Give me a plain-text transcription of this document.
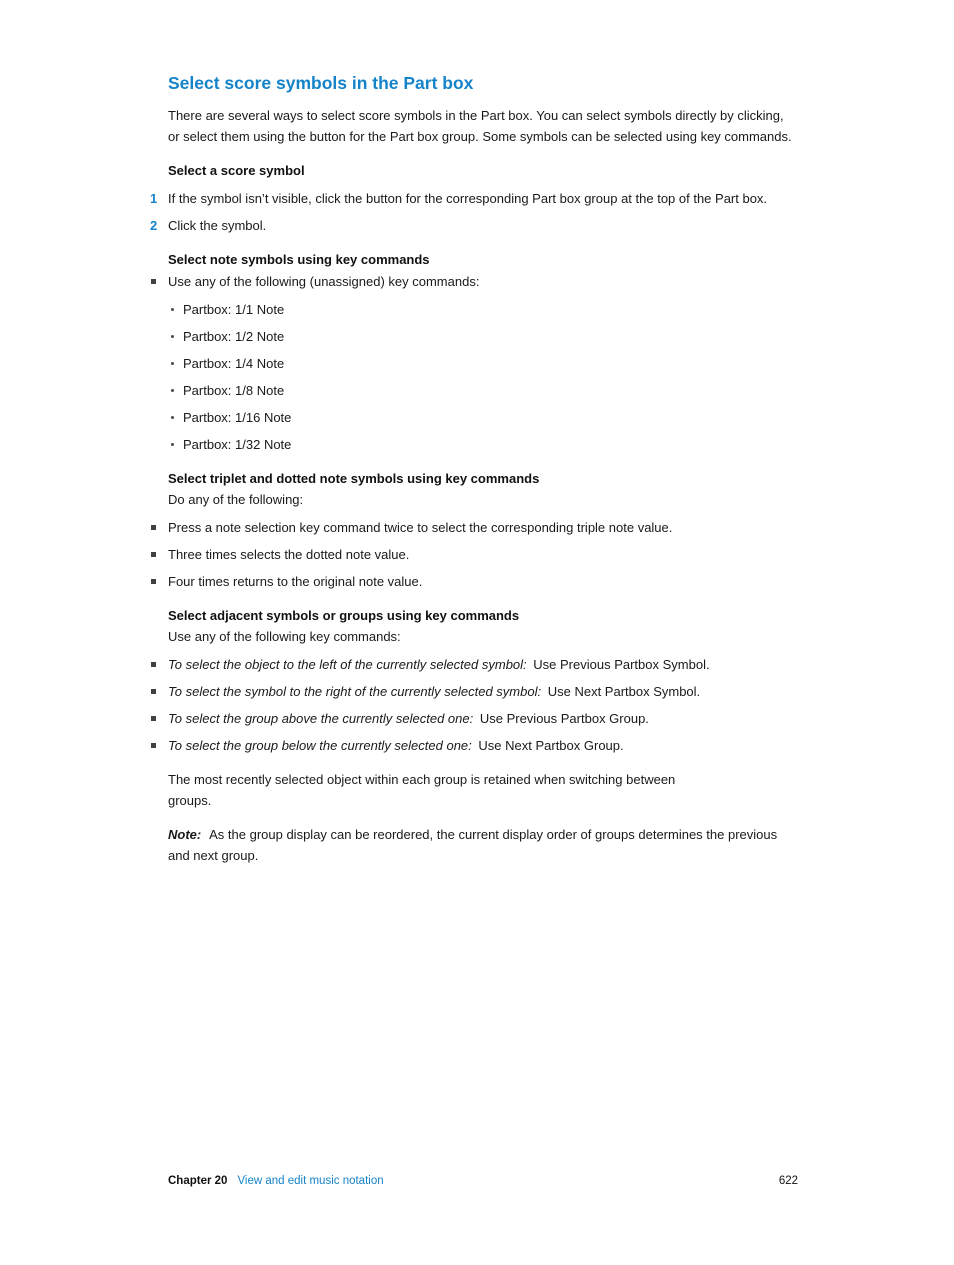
Select score symbols in the Part box

There are several ways to select score symbols in the Part box. You can select symbols directly by clicking, or select them using the button for the Part box group. Some symbols can be selected using key commands.

Select a score symbol
1 If the symbol isn’t visible, click the button for the corresponding Part box group at the top of the Part box.
2 Click the symbol.
Select note symbols using key commands
Use any of the following (unassigned) key commands:
Partbox: 1/1 Note
Partbox: 1/2 Note
Partbox: 1/4 Note
Partbox: 1/8 Note
Partbox: 1/16 Note
Partbox: 1/32 Note
Select triplet and dotted note symbols using key commands

Do any of the following:

Press a note selection key command twice to select the corresponding triple note value.
Three times selects the dotted note value.
Four times returns to the original note value.
Select adjacent symbols or groups using key commands

Use any of the following key commands:

To select the object to the left of the currently selected symbol: Use Previous Partbox Symbol.
To select the symbol to the right of the currently selected symbol: Use Next Partbox Symbol.
To select the group above the currently selected one: Use Previous Partbox Group.
To select the group below the currently selected one: Use Next Partbox Group.

The most recently selected object within each group is retained when switching between groups.

Note: As the group display can be reordered, the current display order of groups determines the previous and next group.

Chapter 20 View and edit music notation	622
